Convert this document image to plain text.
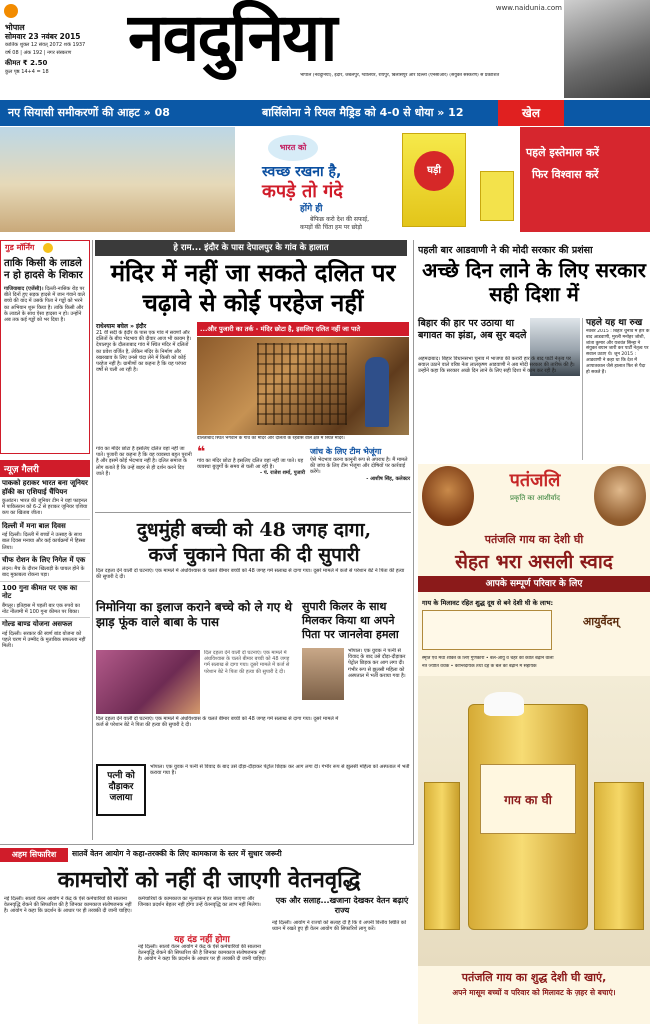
भोपाल
सोमवार 23 नवंबर 2015
कार्तिक शुक्ल 12 संवत् 2072 शके 1937
वर्ष 08 | अंक 192 | नगर संस्करण
कीमत ₹ 2.50
कुल पृष्ठ 14+4 = 18 नवदुनिया	www.naidunia.com
भोपाल (नवदुनिया), इंदौर, जबलपुर, ग्वालियर, रायपुर, बिलासपुर और दिल्ली (एनसीआर) (संयुक्त संस्करण) से प्रकाशित
नए सियासी समीकरणों की आहट » 08	बार्सिलोना ने रियल मैड्रिड को 4-0 से धोया » 12	खेल
भारत को
स्वच्छ रखना है,
कपड़े तो गंदे
होंगे ही
बेफिक्र करो देश की सफाई,
कपड़ों की चिंता हम पर छोड़ो
घड़ी
पहले इस्तेमाल करें
फिर विश्वास करें
गुड मॉर्निंग
ताकि किसी के लाडले न हो हादसे के शिकार
गाजियाबाद (एजेंसी)। दिल्ली-नासिक रोड़ पर बीते दिनों हुए सड़क हादसे में जान गंवाने वाले बच्चे की याद में उसके पिता ने गड्ढों को भरने का अभियान शुरू किया है। ताकि किसी और के लाडले के साथ ऐसा हादसा न हो। उन्होंने अब तक कई गड्ढों को भर दिया है।
न्यूज़ गैलरी
पाकको हराकर भारत बना जूनियर हॉकी का एशियाई चैंपियन
कुआंटन। भारत की जूनियर टीम ने यहां फाइनल में पाकिस्तान को 6-2 से हराकर जूनियर एशिया कप का खिताब जीता।
दिल्ली में मना बाल दिवस
नई दिल्ली। दिल्ली में बच्चों ने उत्साह के साथ बाल दिवस मनाया और कई कार्यक्रमों में हिस्सा लिया।
चीफ रोशन के लिए निगेल में एक
लंदन। मैच के दौरान खिलाड़ी के घायल होने के बाद मुकाबला रोकना पड़ा।
100 गुना कीमत पर एक का नोट
बैंगलूर। इतिहास में पहली बार एक रुपये का नोट नीलामी में 100 गुना कीमत पर बिका।
गोल्ड बाण्ड योजना असफल
नई दिल्ली। सरकार की स्वर्ण बांड योजना को पहले चरण में उम्मीद के मुताबिक सफलता नहीं मिली।
हे राम... इंदौर के पास देपालपुर के गांव के हालात
मंदिर में नहीं जा सकते दलित पर चढ़ावे से कोई परहेज नहीं
राधेश्याम बघेल » इंदौर
21 वीं सदी के इंदौर के पास एक गांव में सवर्णों और दलितों के बीच भेदभाव की दीवार आज भी कायम है। देपालपुर के दौलताबाद गांव में स्थित मंदिर में दलितों का प्रवेश वर्जित है, लेकिन मंदिर के निर्माण और रखरखाव के लिए उनसे चंदा लेने में किसी को कोई परहेज नहीं है। ग्रामीणों का कहना है कि यह परंपरा वर्षों से चली आ रही है।
...और पुजारी का तर्क - मंदिर छोटा है, इसलिए दलित नहीं जा पाते
दौलताबाद स्थित भगवान के गांव का मंदिर और दलितों के रहवास वाले क्षेत्र में स्थित मंदिर।
गांव का मंदिर छोटा है इसलिए दलित वहां नहीं जा पाते। पुजारी का कहना है कि यह व्यवस्था बहुत पुरानी है और इसमें कोई भेदभाव नहीं है। दलित समाज के लोग बताते हैं कि उन्हें बाहर से ही दर्शन करने दिए जाते हैं।
❝
गांव का मंदिर छोटा है इसलिए दलित वहां नहीं जा पाते। यह व्यवस्था बुजुर्गों के समय से चली आ रही है।
- पं. राजेश शर्मा, पुजारी
जांच के लिए टीम भेजूंगा
ऐसे भेदभाव करना कानूनी रूप से अपराध है। मैं मामले की जांच के लिए टीम भेजूंगा और दोषियों पर कार्रवाई करेंगे।
- आशीष सिंह, कलेक्टर
दुधमुंही बच्ची को 48 जगह दागा,
कर्ज चुकाने पिता की दी सुपारी
दिल दहला देने वाली दो घटनाएं। एक मामले में अंधविश्वास के चलते बीमार बच्ची को 48 जगह गर्म सलाख से दागा गया। दूसरे मामले में कर्ज से परेशान बेटे ने पिता की हत्या की सुपारी दे दी।
निमोनिया का इलाज कराने बच्चे को ले गए थे झाड़ फूंक वाले बाबा के पास
सुपारी किलर के साथ मिलकर किया था अपने पिता पर जानलेवा हमला
दिल दहला देने वाली दो घटनाएं। एक मामले में अंधविश्वास के चलते बीमार बच्ची को 48 जगह गर्म सलाख से दागा गया। दूसरे मामले में कर्ज से परेशान बेटे ने पिता की हत्या की सुपारी दे दी।
भोपाल। एक युवक ने पत्नी से विवाद के बाद उसे दौड़ा-दौड़ाकर पेट्रोल छिड़क कर आग लगा दी। गंभीर रूप से झुलसी महिला को अस्पताल में भर्ती कराया गया है।
दिल दहला देने वाली दो घटनाएं। एक मामले में अंधविश्वास के चलते बीमार बच्ची को 48 जगह गर्म सलाख से दागा गया। दूसरे मामले में कर्ज से परेशान बेटे ने पिता की हत्या की सुपारी दे दी।
पत्नी को दौड़ाकर जलाया
भोपाल। एक युवक ने पत्नी से विवाद के बाद उसे दौड़ा-दौड़ाकर पेट्रोल छिड़क कर आग लगा दी। गंभीर रूप से झुलसी महिला को अस्पताल में भर्ती कराया गया है।
पहली बार आडवाणी ने की मोदी सरकार की प्रशंसा
अच्छे दिन लाने के लिए सरकार सही दिशा में
बिहार की हार पर उठाया था बगावत का झंडा, अब सुर बदले
अहमदाबाद। बिहार विधानसभा चुनाव में भाजपा की करारी हार के बाद पार्टी नेतृत्व पर सवाल उठाने वाले वरिष्ठ नेता लालकृष्ण आडवाणी ने अब मोदी सरकार की तारीफ की है। उन्होंने कहा कि सरकार अच्छे दिन लाने के लिए सही दिशा में काम कर रही है।
पहले यह था रुख
नवंबर 2015 : बिहार चुनाव में हार के बाद आडवाणी, मुरली मनोहर जोशी, शांता कुमार और यशवंत सिन्हा ने संयुक्त बयान जारी कर पार्टी नेतृत्व पर सवाल उठाए थे। जून 2015 : आडवाणी ने कहा था कि देश में आपातकाल जैसे हालात फिर से पैदा हो सकते हैं।
पतंजलि
प्रकृति का आशीर्वाद
पतंजलि गाय का देशी घी
सेहत भरा असली स्वाद
आपके सम्पूर्ण परिवार के लिए
गाय के मिलावट रहित शुद्ध दूध से बने देशी घी के लाभ:
आयुर्वेदम्
स्मृति एवं मेधा शक्ति के लिए गुणकारी • बल-आयु व चेहरे की कांति बढ़ाने वाला
नेत्र ज्योति वर्धक • कान्तिदायक तथा देह के बल को बढ़ाने में सहायक
गाय का घी
पतंजलि गाय का शुद्ध देशी घी खाएं,
अपने मासूम बच्चों व परिवार को मिलावट के ज़हर से बचाएं।
अहम सिफारिश	सातवें वेतन आयोग ने कहा-तरक्की के लिए कामकाज के स्तर में सुधार जरूरी
कामचोरों को नहीं दी जाएगी वेतनवृद्धि
नई दिल्ली। सातवें वेतन आयोग ने केंद्र के ऐसे कर्मचारियों की सालाना वेतनवृद्धि रोकने की सिफारिश की है जिनका कामकाज संतोषजनक नहीं है। आयोग ने कहा कि प्रदर्शन के आधार पर ही तरक्की दी जानी चाहिए।
कर्मचारियों के कामकाज का मूल्यांकन हर साल किया जाएगा और जिनका प्रदर्शन बेहतर नहीं होगा उन्हें वेतनवृद्धि का लाभ नहीं मिलेगा।
यह दंड नहीं होगा
नई दिल्ली। सातवें वेतन आयोग ने केंद्र के ऐसे कर्मचारियों की सालाना वेतनवृद्धि रोकने की सिफारिश की है जिनका कामकाज संतोषजनक नहीं है। आयोग ने कहा कि प्रदर्शन के आधार पर ही तरक्की दी जानी चाहिए।
एक और सलाह...खजाना देखकर वेतन बढ़ाएं राज्य
नई दिल्ली। आयोग ने राज्यों को सलाह दी है कि वे अपनी वित्तीय स्थिति को ध्यान में रखते हुए ही वेतन आयोग की सिफारिशें लागू करें।
